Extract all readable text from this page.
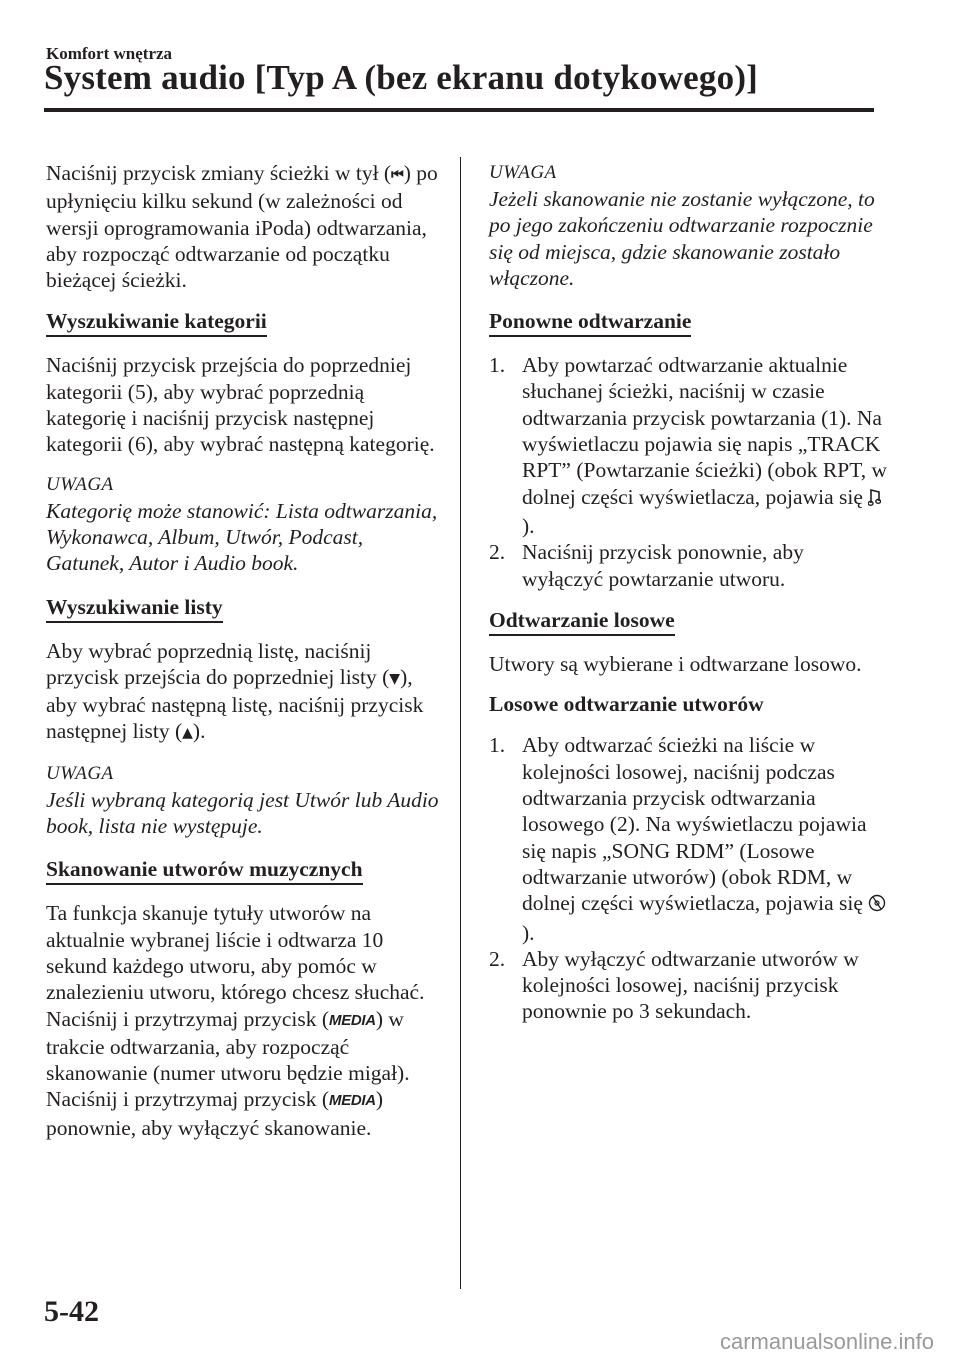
Komfort wnętrza
System audio [Typ A (bez ekranu dotykowego)]

Naciśnij przycisk zmiany ścieżki w tył (⏮) po upłynięciu kilku sekund (w zależności od wersji oprogramowania iPoda) odtwarzania, aby rozpocząć odtwarzanie od początku bieżącej ścieżki.

Wyszukiwanie kategorii

Naciśnij przycisk przejścia do poprzedniej kategorii (5), aby wybrać poprzednią kategorię i naciśnij przycisk następnej kategorii (6), aby wybrać następną kategorię.

UWAGA

Kategorię może stanowić: Lista odtwarzania, Wykonawca, Album, Utwór, Podcast, Gatunek, Autor i Audio book.

Wyszukiwanie listy

Aby wybrać poprzednią listę, naciśnij przycisk przejścia do poprzedniej listy (▼), aby wybrać następną listę, naciśnij przycisk następnej listy (▲).

UWAGA

Jeśli wybraną kategorią jest Utwór lub Audio book, lista nie występuje.

Skanowanie utworów muzycznych

Ta funkcja skanuje tytuły utworów na aktualnie wybranej liście i odtwarza 10 sekund każdego utworu, aby pomóc w znalezieniu utworu, którego chcesz słuchać.

Naciśnij i przytrzymaj przycisk (MEDIA) w trakcie odtwarzania, aby rozpocząć skanowanie (numer utworu będzie migał).

Naciśnij i przytrzymaj przycisk (MEDIA) ponownie, aby wyłączyć skanowanie.

UWAGA

Jeżeli skanowanie nie zostanie wyłączone, to po jego zakończeniu odtwarzanie rozpocznie się od miejsca, gdzie skanowanie zostało włączone.

Ponowne odtwarzanie
1. Aby powtarzać odtwarzanie aktualnie słuchanej ścieżki, naciśnij w czasie odtwarzania przycisk powtarzania (1). Na wyświetlaczu pojawia się napis „TRACK RPT” (Powtarzanie ścieżki) (obok RPT, w dolnej części wyświetlacza, pojawia się ).
2. Naciśnij przycisk ponownie, aby wyłączyć powtarzanie utworu.
Odtwarzanie losowe

Utwory są wybierane i odtwarzane losowo.

Losowe odtwarzanie utworów

1. Aby odtwarzać ścieżki na liście w kolejności losowej, naciśnij podczas odtwarzania przycisk odtwarzania losowego (2). Na wyświetlaczu pojawia się napis „SONG RDM” (Losowe odtwarzanie utworów) (obok RDM, w dolnej części wyświetlacza, pojawia się ).
2. Aby wyłączyć odtwarzanie utworów w kolejności losowej, naciśnij przycisk ponownie po 3 sekundach.
5-42
carmanualsonline.info
